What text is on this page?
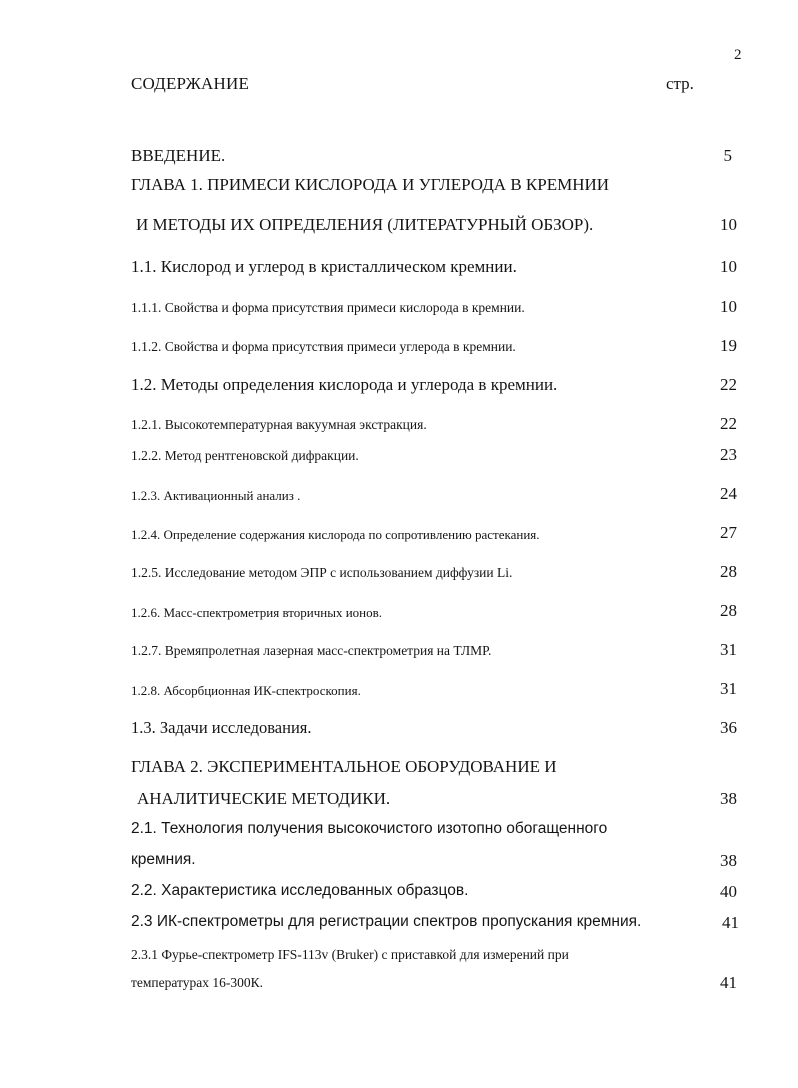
2
СОДЕРЖАНИЕ	стр.
ВВЕДЕНИЕ.	5
ГЛАВА 1. ПРИМЕСИ КИСЛОРОДА И УГЛЕРОДА В КРЕМНИИ
И МЕТОДЫ ИХ ОПРЕДЕЛЕНИЯ (ЛИТЕРАТУРНЫЙ ОБЗОР).	10
1.1. Кислород и углерод в кристаллическом кремнии.	10
1.1.1. Свойства и форма присутствия примеси кислорода в кремнии.	10
1.1.2. Свойства и форма присутствия примеси углерода в кремнии.	19
1.2. Методы определения кислорода и углерода в кремнии.	22
1.2.1. Высокотемпературная вакуумная экстракция.	22
1.2.2. Метод рентгеновской дифракции.	23
1.2.3. Активационный анализ .	24
1.2.4. Определение содержания кислорода по сопротивлению растекания.	27
1.2.5. Исследование методом ЭПР с использованием диффузии Li.	28
1.2.6. Масс-спектрометрия вторичных ионов.	28
1.2.7. Времяпролетная лазерная масс-спектрометрия на ТЛМР.	31
1.2.8. Абсорбционная ИК-спектроскопия.	31
1.3. Задачи исследования.	36
ГЛАВА 2. ЭКСПЕРИМЕНТАЛЬНОЕ ОБОРУДОВАНИЕ И
АНАЛИТИЧЕСКИЕ МЕТОДИКИ.	38
2.1. Технология получения высокочистого изотопно обогащенного
кремния.	38
2.2. Характеристика исследованных образцов.	40
2.3 ИК-спектрометры для регистрации спектров пропускания кремния.	41
2.3.1 Фурье-спектрометр IFS-113v (Bruker) с приставкой для измерений при
температурах 16-300К.	41
